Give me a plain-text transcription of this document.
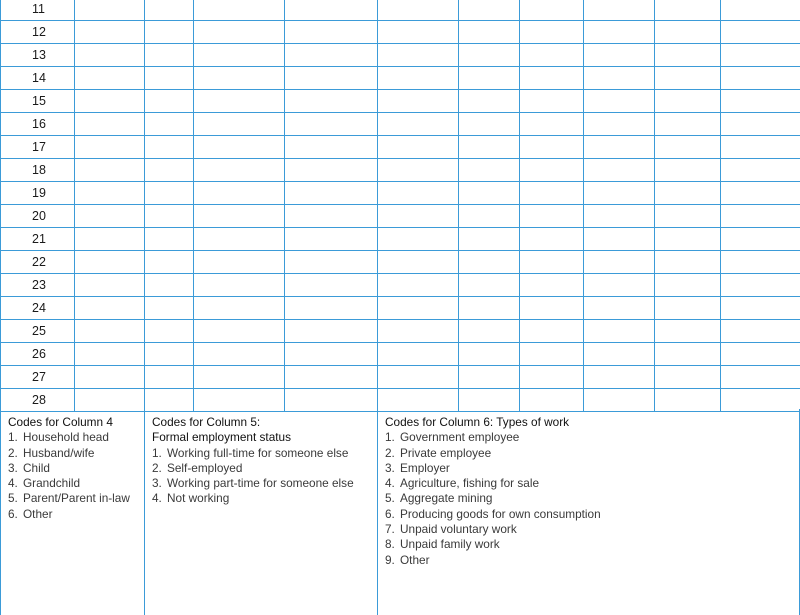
11										
12										
13										
14										
15										
16										
17										
18										
19										
20										
21										
22										
23										
24										
25										
26										
27										
28										
Codes for Column 4
1. Household head
2. Husband/wife
3. Child
4. Grandchild
5. Parent/Parent in-law
6. Other
Codes for Column 5:
Formal employment status
1. Working full-time for someone else
2. Self-employed
3. Working part-time for someone else
4. Not working
Codes for Column 6: Types of work
1. Government employee
2. Private employee
3. Employer
4. Agriculture, fishing for sale
5. Aggregate mining
6. Producing goods for own consumption
7. Unpaid voluntary work
8. Unpaid family work
9. Other
